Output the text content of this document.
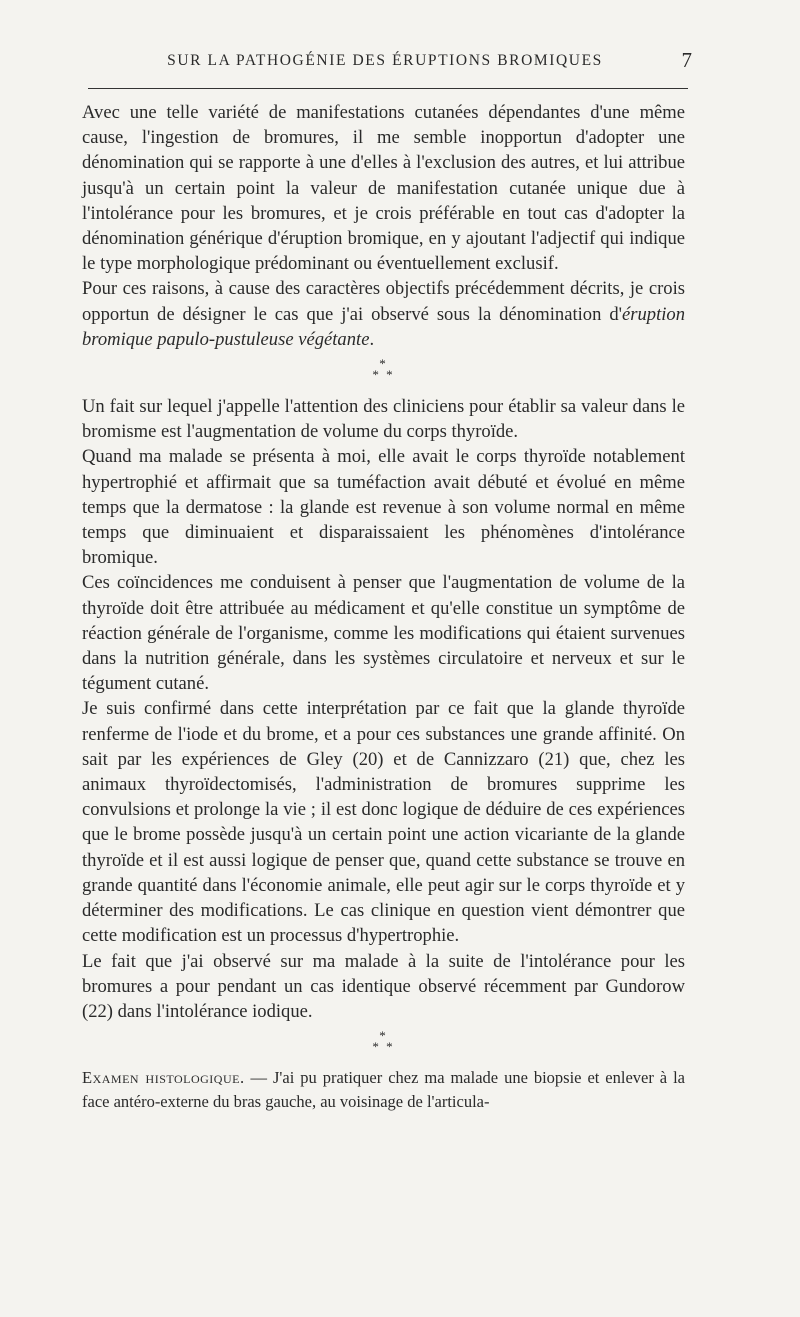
SUR LA PATHOGÉNIE DES ÉRUPTIONS BROMIQUES	7

Avec une telle variété de manifestations cutanées dépendantes d'une même cause, l'ingestion de bromures, il me semble inopportun d'adopter une dénomination qui se rapporte à une d'elles à l'exclusion des autres, et lui attribue jusqu'à un certain point la valeur de manifestation cutanée unique due à l'intolérance pour les bromures, et je crois préférable en tout cas d'adopter la dénomination générique d'éruption bromique, en y ajoutant l'adjectif qui indique le type morphologique prédominant ou éventuellement exclusif.

Pour ces raisons, à cause des caractères objectifs précédemment décrits, je crois opportun de désigner le cas que j'ai observé sous la dénomination d'éruption bromique papulo-pustuleuse végétante.

*
* *

Un fait sur lequel j'appelle l'attention des cliniciens pour établir sa valeur dans le bromisme est l'augmentation de volume du corps thyroïde.

Quand ma malade se présenta à moi, elle avait le corps thyroïde notablement hypertrophié et affirmait que sa tuméfaction avait débuté et évolué en même temps que la dermatose : la glande est revenue à son volume normal en même temps que diminuaient et disparaissaient les phénomènes d'intolérance bromique.

Ces coïncidences me conduisent à penser que l'augmentation de volume de la thyroïde doit être attribuée au médicament et qu'elle constitue un symptôme de réaction générale de l'organisme, comme les modifications qui étaient survenues dans la nutrition générale, dans les systèmes circulatoire et nerveux et sur le tégument cutané.

Je suis confirmé dans cette interprétation par ce fait que la glande thyroïde renferme de l'iode et du brome, et a pour ces substances une grande affinité. On sait par les expériences de Gley (20) et de Cannizzaro (21) que, chez les animaux thyroïdectomisés, l'administration de bromures supprime les convulsions et prolonge la vie ; il est donc logique de déduire de ces expériences que le brome possède jusqu'à un certain point une action vicariante de la glande thyroïde et il est aussi logique de penser que, quand cette substance se trouve en grande quantité dans l'économie animale, elle peut agir sur le corps thyroïde et y déterminer des modifications. Le cas clinique en question vient démontrer que cette modification est un processus d'hypertrophie.

Le fait que j'ai observé sur ma malade à la suite de l'intolérance pour les bromures a pour pendant un cas identique observé récemment par Gundorow (22) dans l'intolérance iodique.

*
* *

Examen histologique. — J'ai pu pratiquer chez ma malade une biopsie et enlever à la face antéro-externe du bras gauche, au voisinage de l'articula-
